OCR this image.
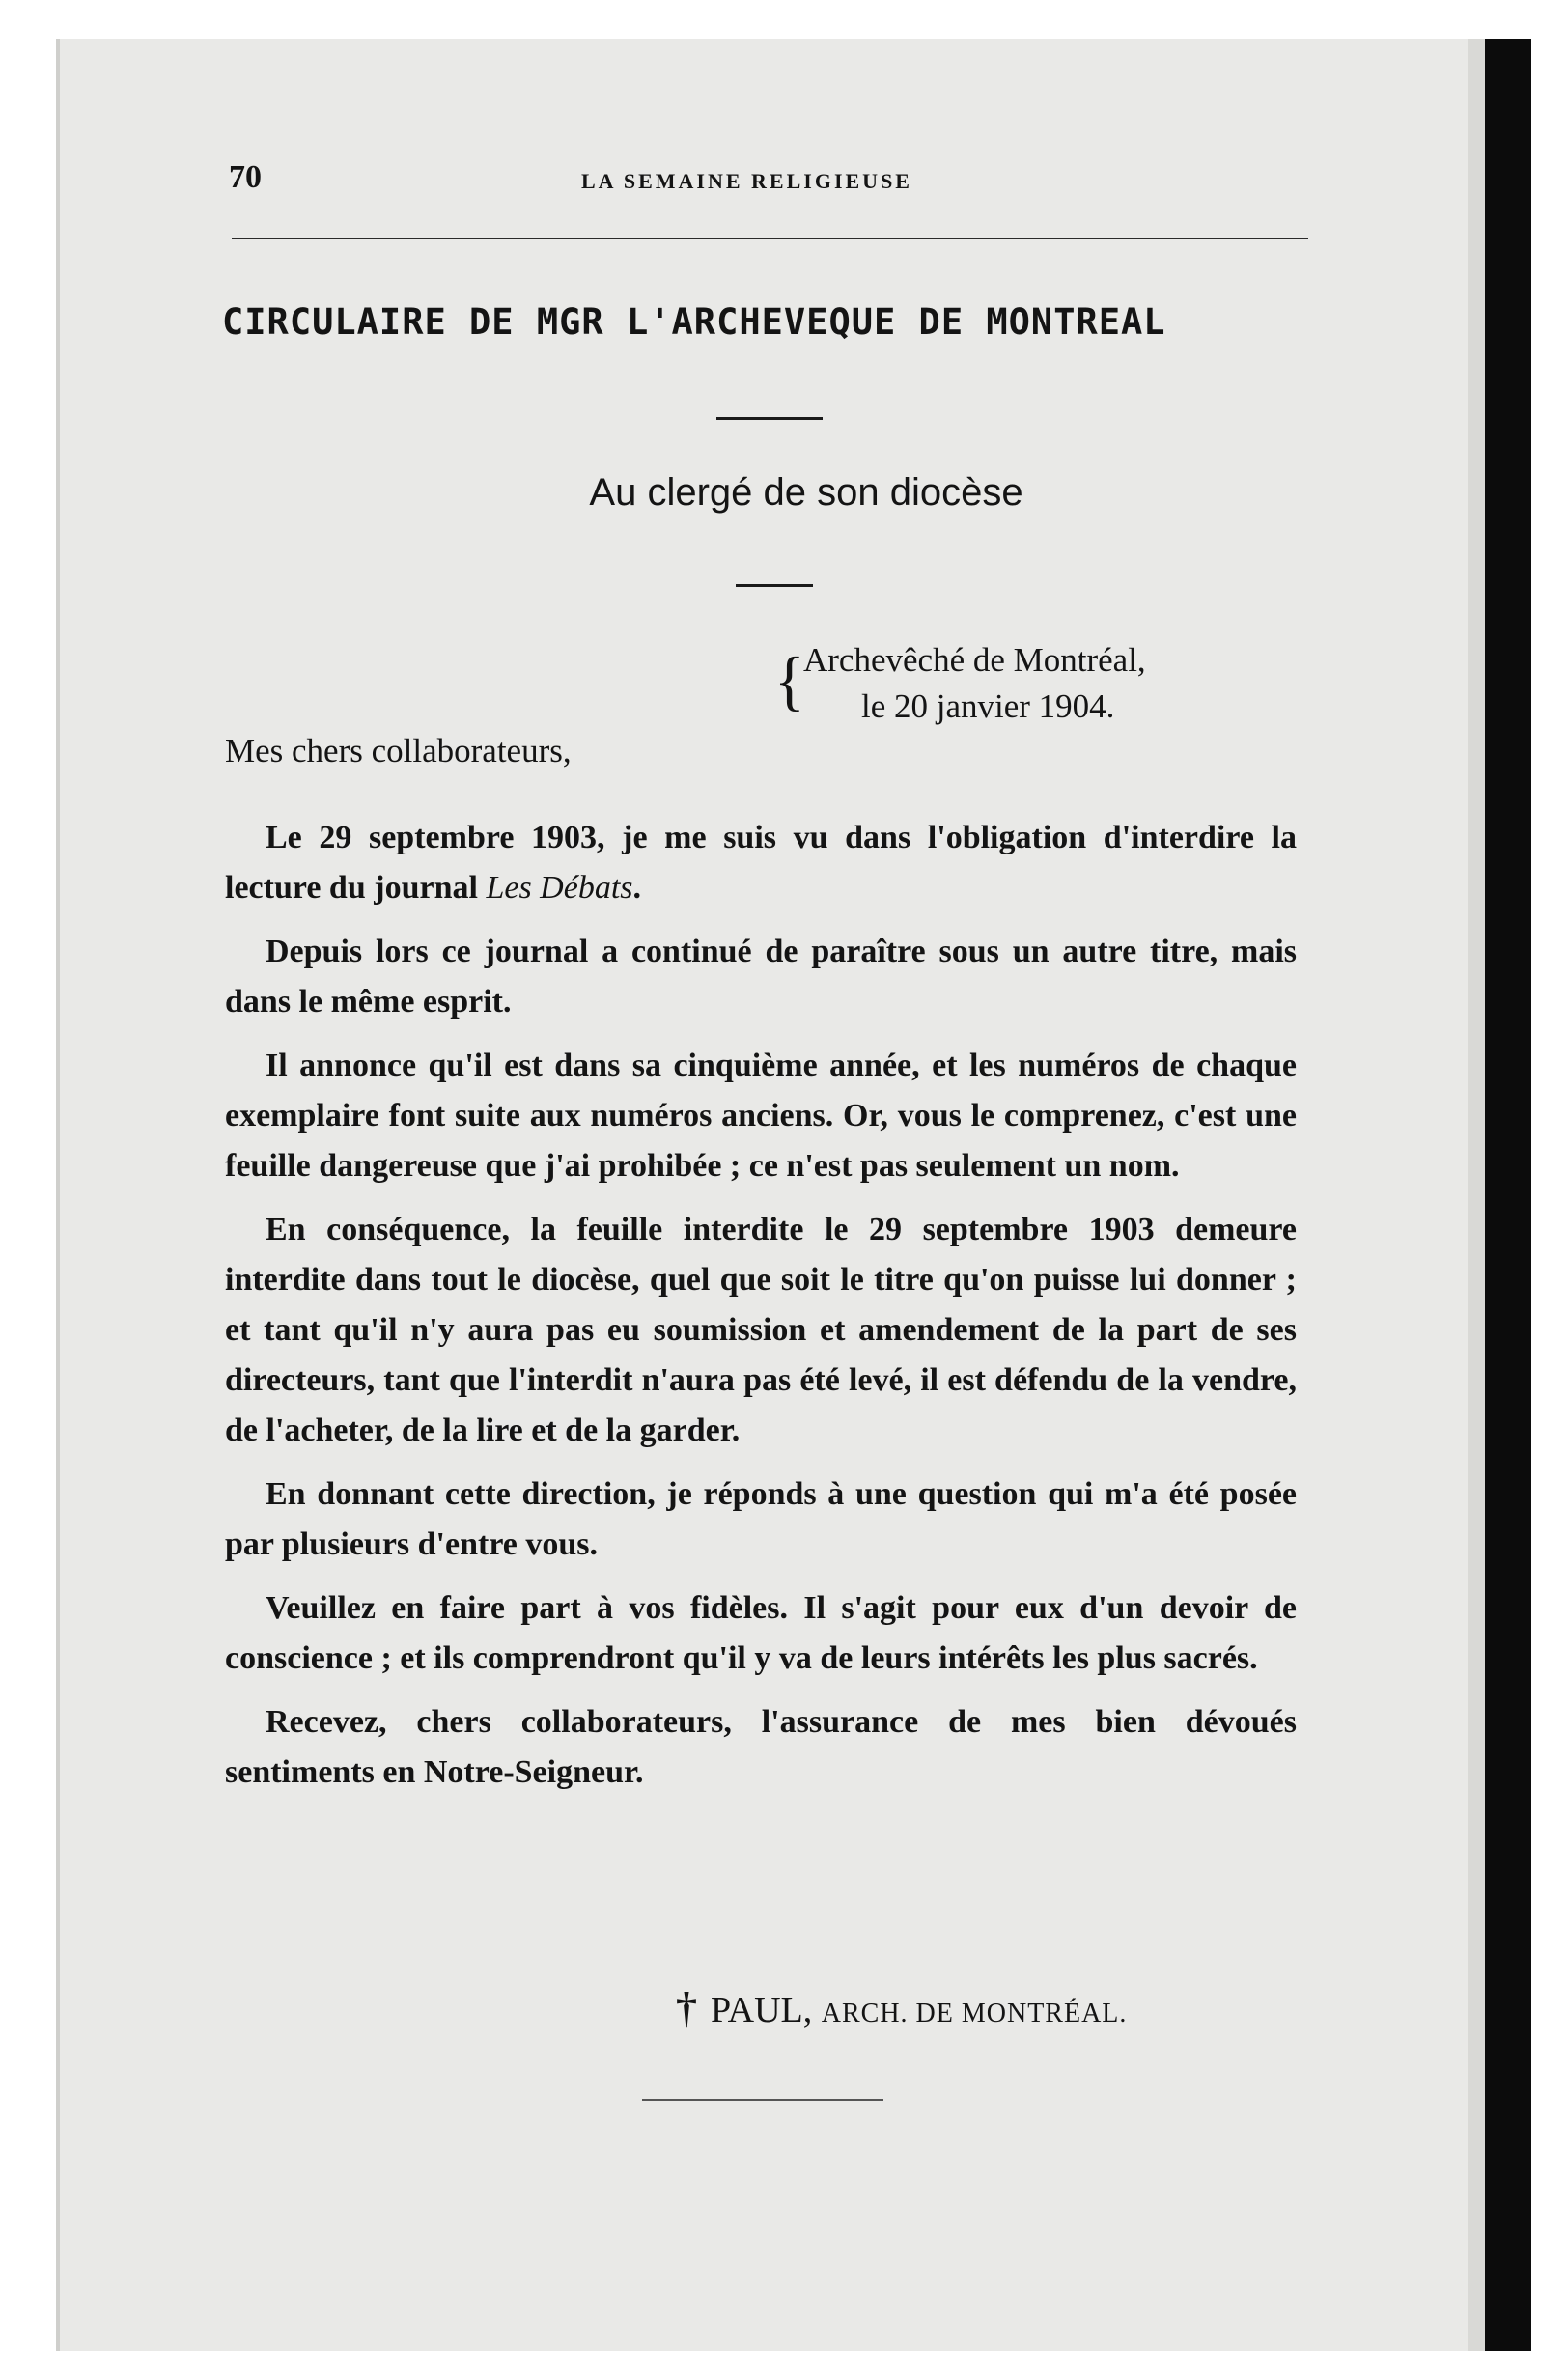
70	LA SEMAINE RELIGIEUSE
CIRCULAIRE DE MGR L'ARCHEVEQUE DE MONTREAL
Au clergé de son diocèse
{
Archevêché de Montréal,
le 20 janvier 1904.
Mes chers collaborateurs,

Le 29 septembre 1903, je me suis vu dans l'obligation d'interdire la lecture du journal Les Débats.

Depuis lors ce journal a continué de paraître sous un autre titre, mais dans le même esprit.

Il annonce qu'il est dans sa cinquième année, et les numéros de chaque exemplaire font suite aux numéros anciens. Or, vous le comprenez, c'est une feuille dangereuse que j'ai prohibée ; ce n'est pas seulement un nom.

En conséquence, la feuille interdite le 29 septembre 1903 demeure interdite dans tout le diocèse, quel que soit le titre qu'on puisse lui donner ; et tant qu'il n'y aura pas eu soumission et amendement de la part de ses directeurs, tant que l'interdit n'aura pas été levé, il est défendu de la vendre, de l'acheter, de la lire et de la garder.

En donnant cette direction, je réponds à une question qui m'a été posée par plusieurs d'entre vous.

Veuillez en faire part à vos fidèles. Il s'agit pour eux d'un devoir de conscience ; et ils comprendront qu'il y va de leurs intérêts les plus sacrés.

Recevez, chers collaborateurs, l'assurance de mes bien dévoués sentiments en Notre-Seigneur.

† PAUL, ARCH. DE MONTRÉAL.
